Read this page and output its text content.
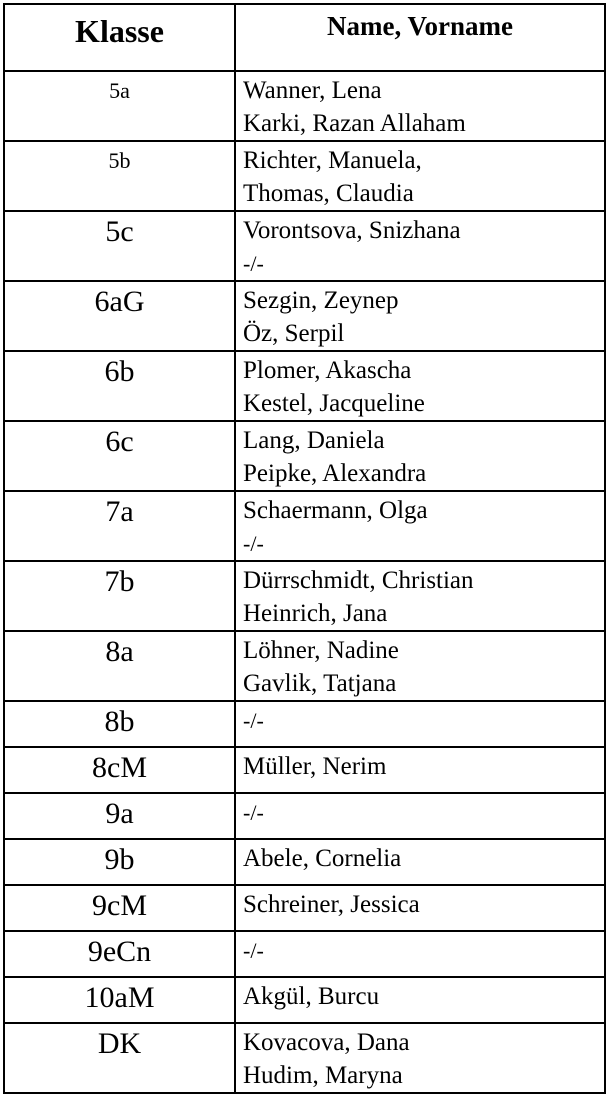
Klasse	Name, Vorname
5a	Wanner, Lena
Karki, Razan Allaham

5b	Richter, Manuela,
Thomas, Claudia

5c	Vorontsova, Snizhana
-/-

6aG	Sezgin, Zeynep
Öz, Serpil

6b	Plomer, Akascha
Kestel, Jacqueline

6c	Lang, Daniela
Peipke, Alexandra

7a	Schaermann, Olga
-/-

7b	Dürrschmidt, Christian
Heinrich, Jana

8a	Löhner, Nadine
Gavlik, Tatjana

8b	-/-

8cM	Müller, Nerim

9a	-/-

9b	Abele, Cornelia

9cM	Schreiner, Jessica

9eCn	-/-

10aM	Akgül, Burcu

DK	Kovacova, Dana
Hudim, Maryna
